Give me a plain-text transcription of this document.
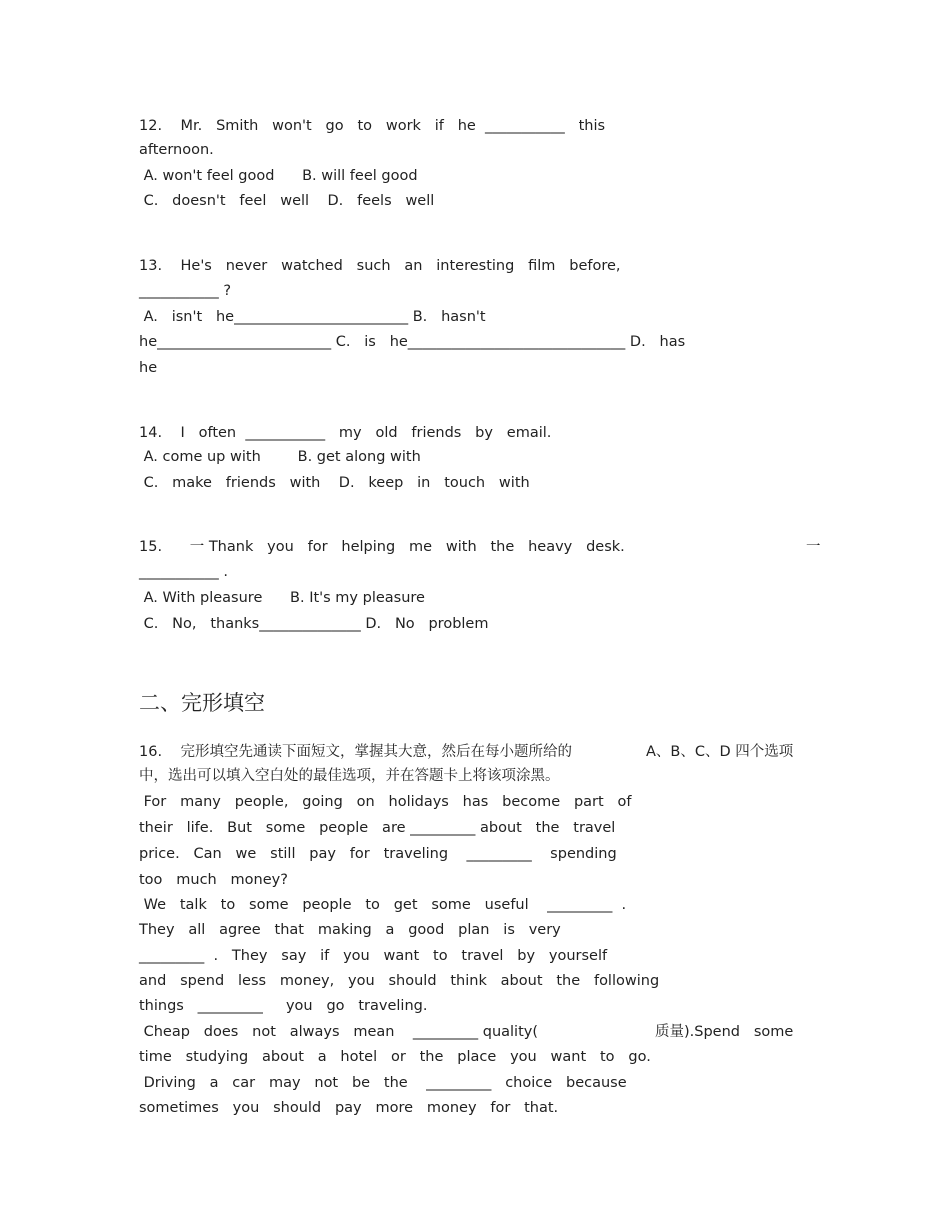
12.    Mr.   Smith   won't   go   to   work   if   he  ___________   this

afternoon.

A. won't feel good      B. will feel good

C.   doesn't   feel   well    D.   feels   well

13.    He's   never   watched   such   an   interesting   film   before,

___________ ?

A.   isn't   he________________________ B.   hasn't

he________________________ C.   is   he______________________________ D.   has

he

14.    I   often  ___________   my   old   friends   by   email.

A. come up with        B. get along with

C.   make   friends   with    D.   keep   in   touch   with

15.      一 Thank   you   for   helping   me   with   the   heavy   desk.	一

___________ .

A. With pleasure      B. It's my pleasure

C.   No,   thanks______________ D.   No   problem

二、完形填空

16.    完形填空先通读下面短文，掌握其大意，然后在每小题所给的	A、B、C、D 四个选项

中，选出可以填入空白处的最佳选项，并在答题卡上将该项涂黑。

For   many   people,   going   on   holidays   has   become   part   of

their   life.   But   some   people   are _________ about   the   travel

price.   Can   we   still   pay   for   traveling    _________    spending

too   much   money?

We   talk   to   some   people   to   get   some   useful    _________  .

They   all   agree   that   making   a   good   plan   is   very

_________  .   They   say   if   you   want   to   travel   by   yourself

and   spend   less   money,   you   should   think   about   the   following

things   _________     you   go   traveling.

Cheap   does   not   always   mean    _________ quality(	质量).Spend   some

time   studying   about   a   hotel   or   the   place   you   want   to   go.

Driving   a   car   may   not   be   the    _________   choice   because

sometimes   you   should   pay   more   money   for   that.
